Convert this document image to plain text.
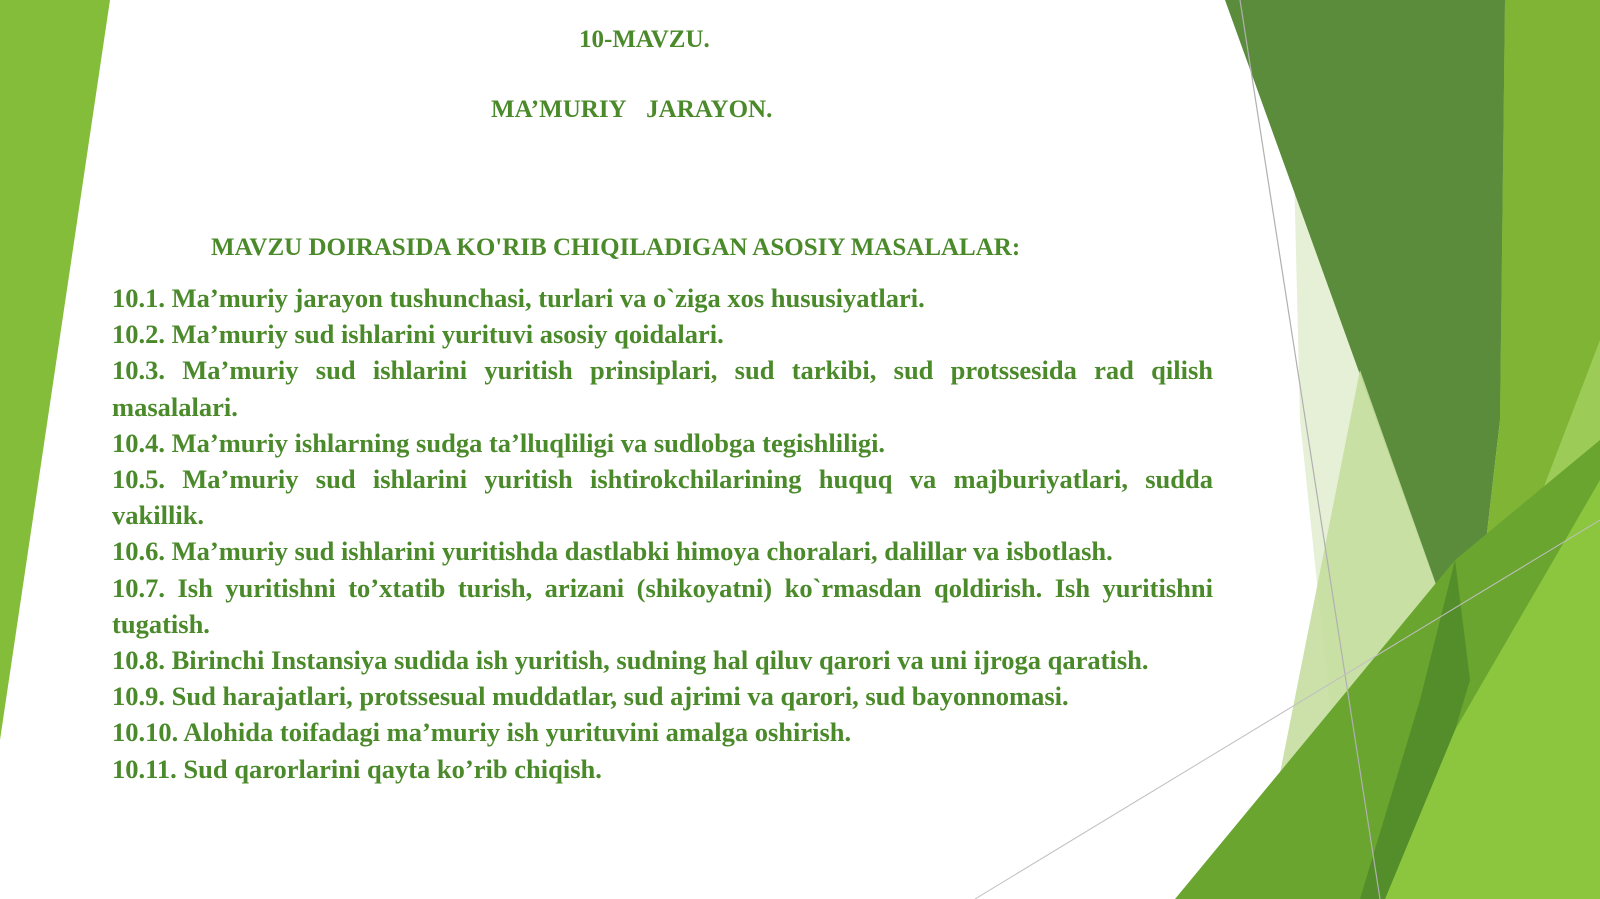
10-MAVZU.
MA’MURIY  JARAYON.
MAVZU DOIRASIDA KO'RIB CHIQILADIGAN ASOSIY MASALALAR:

10.1. Ma’muriy jarayon tushunchasi, turlari va o`ziga xos hususiyatlari.

10.2. Ma’muriy sud ishlarini yurituvi asosiy qoidalari.

10.3. Ma’muriy sud ishlarini yuritish prinsiplari, sud tarkibi, sud protssesida rad qilish masalalari.

10.4. Ma’muriy ishlarning sudga ta’lluqliligi va sudlobga tegishliligi.

10.5. Ma’muriy sud ishlarini yuritish ishtirokchilarining huquq va majburiyatlari, sudda vakillik.

10.6. Ma’muriy sud ishlarini yuritishda dastlabki himoya choralari, dalillar va isbotlash.

10.7. Ish yuritishni to’xtatib turish, arizani (shikoyatni) ko`rmasdan qoldirish. Ish yuritishni tugatish.

10.8. Birinchi Instansiya sudida ish yuritish, sudning hal qiluv qarori va uni ijroga qaratish.

10.9. Sud harajatlari, protssesual muddatlar, sud ajrimi va qarori, sud bayonnomasi.

10.10. Alohida toifadagi ma’muriy ish yurituvini amalga oshirish.

10.11. Sud qarorlarini qayta ko’rib chiqish.
